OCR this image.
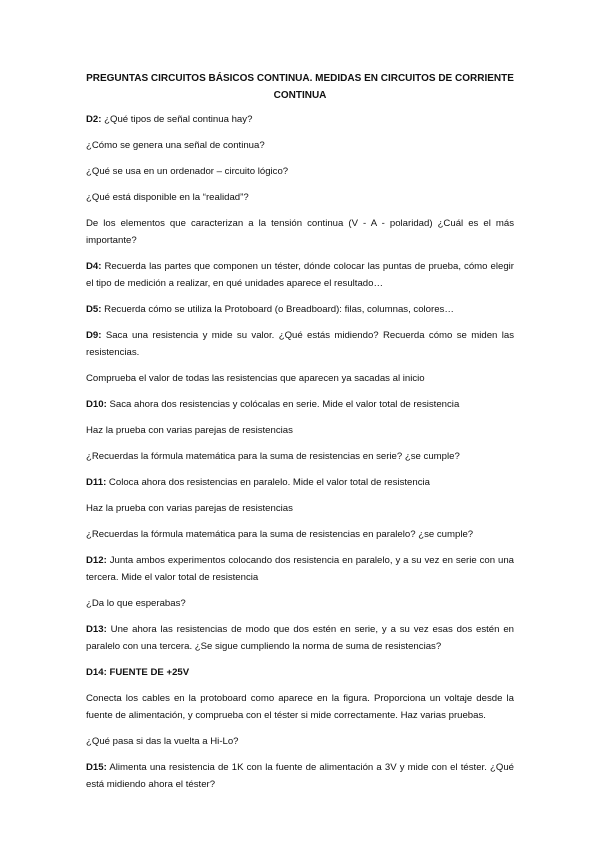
PREGUNTAS CIRCUITOS BÁSICOS CONTINUA. MEDIDAS EN CIRCUITOS DE CORRIENTE CONTINUA

D2: ¿Qué tipos de señal continua hay?

¿Cómo se genera una señal de continua?

¿Qué se usa en un ordenador – circuito lógico?

¿Qué está disponible en la “realidad”?

De los elementos que caracterizan a la tensión continua (V - A - polaridad) ¿Cuál es el más importante?

D4: Recuerda las partes que componen un téster, dónde colocar las puntas de prueba, cómo elegir el tipo de medición a realizar, en qué unidades aparece el resultado…

D5: Recuerda cómo se utiliza la Protoboard (o Breadboard): filas, columnas, colores…

D9: Saca una resistencia y mide su valor. ¿Qué estás midiendo? Recuerda cómo se miden las resistencias.

Comprueba el valor de todas las resistencias que aparecen ya sacadas al inicio

D10: Saca ahora dos resistencias y colócalas en serie. Mide el valor total de resistencia

Haz la prueba con varias parejas de resistencias

¿Recuerdas la fórmula matemática para la suma de resistencias en serie? ¿se cumple?

D11: Coloca ahora dos resistencias en paralelo. Mide el valor total de resistencia

Haz la prueba con varias parejas de resistencias

¿Recuerdas la fórmula matemática para la suma de resistencias en paralelo? ¿se cumple?

D12: Junta ambos experimentos colocando dos resistencia en paralelo, y a su vez en serie con una tercera. Mide el valor total de resistencia

¿Da lo que esperabas?

D13: Une ahora las resistencias de modo que dos estén en serie, y a su vez esas dos estén en paralelo con una tercera. ¿Se sigue cumpliendo la norma de suma de resistencias?

D14: FUENTE DE +25V

Conecta los cables en la protoboard como aparece en la figura. Proporciona un voltaje desde la fuente de alimentación, y comprueba con el téster si mide correctamente. Haz varias pruebas.

¿Qué pasa si das la vuelta a Hi-Lo?

D15: Alimenta una resistencia de 1K con la fuente de alimentación a 3V y mide con el téster. ¿Qué está midiendo ahora el téster?
